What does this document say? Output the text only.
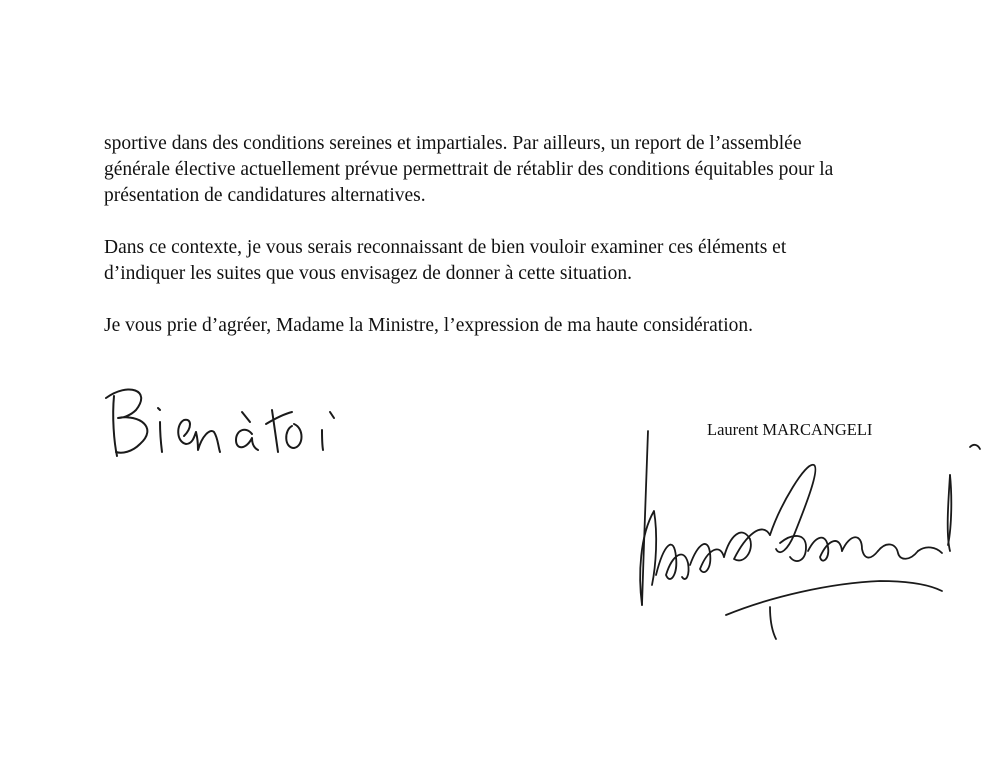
sportive dans des conditions sereines et impartiales. Par ailleurs, un report de l’assemblée
générale élective actuellement prévue permettrait de rétablir des conditions équitables pour la
présentation de candidatures alternatives.

Dans ce contexte, je vous serais reconnaissant de bien vouloir examiner ces éléments et
d’indiquer les suites que vous envisagez de donner à cette situation.

Je vous prie d’agréer, Madame la Ministre, l’expression de ma haute considération.

Laurent MARCANGELI
